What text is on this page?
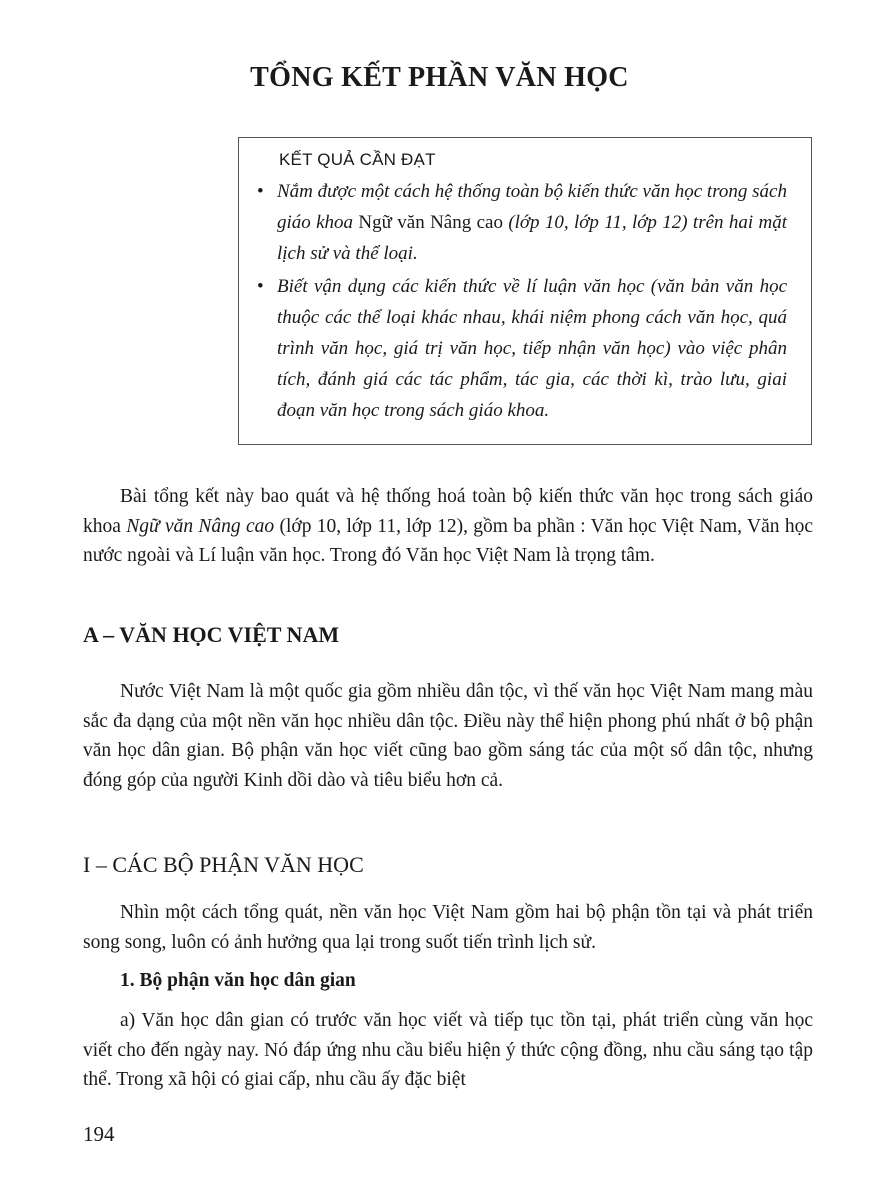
TỔNG KẾT PHẦN VĂN HỌC
KẾT QUẢ CẦN ĐẠT
• Nắm được một cách hệ thống toàn bộ kiến thức văn học trong sách giáo khoa Ngữ văn Nâng cao (lớp 10, lớp 11, lớp 12) trên hai mặt lịch sử và thể loại.
• Biết vận dụng các kiến thức về lí luận văn học (văn bản văn học thuộc các thể loại khác nhau, khái niệm phong cách văn học, quá trình văn học, giá trị văn học, tiếp nhận văn học) vào việc phân tích, đánh giá các tác phẩm, tác gia, các thời kì, trào lưu, giai đoạn văn học trong sách giáo khoa.

Bài tổng kết này bao quát và hệ thống hoá toàn bộ kiến thức văn học trong sách giáo khoa Ngữ văn Nâng cao (lớp 10, lớp 11, lớp 12), gồm ba phần : Văn học Việt Nam, Văn học nước ngoài và Lí luận văn học. Trong đó Văn học Việt Nam là trọng tâm.

A – VĂN HỌC VIỆT NAM

Nước Việt Nam là một quốc gia gồm nhiều dân tộc, vì thế văn học Việt Nam mang màu sắc đa dạng của một nền văn học nhiều dân tộc. Điều này thể hiện phong phú nhất ở bộ phận văn học dân gian. Bộ phận văn học viết cũng bao gồm sáng tác của một số dân tộc, nhưng đóng góp của người Kinh dồi dào và tiêu biểu hơn cả.

I – CÁC BỘ PHẬN VĂN HỌC

Nhìn một cách tổng quát, nền văn học Việt Nam gồm hai bộ phận tồn tại và phát triển song song, luôn có ảnh hưởng qua lại trong suốt tiến trình lịch sử.

1. Bộ phận văn học dân gian

a) Văn học dân gian có trước văn học viết và tiếp tục tồn tại, phát triển cùng văn học viết cho đến ngày nay. Nó đáp ứng nhu cầu biểu hiện ý thức cộng đồng, nhu cầu sáng tạo tập thể. Trong xã hội có giai cấp, nhu cầu ấy đặc biệt

194
